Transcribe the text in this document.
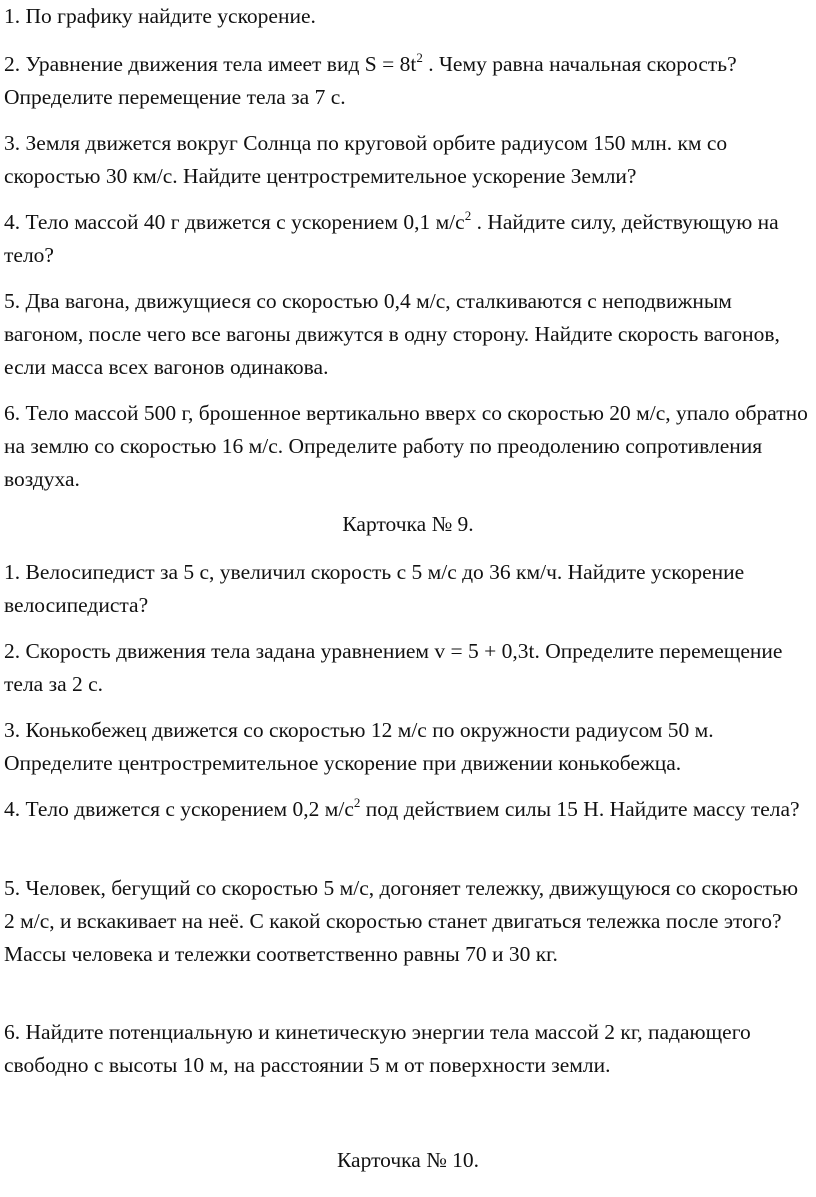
1. По графику найдите ускорение.

2. Уравнение движения тела имеет вид $S = 8t^2$ . Чему равна начальная скорость? Определите перемещение тела за 7 с.

3. Земля движется вокруг Солнца по круговой орбите радиусом 150 млн. км со скоростью 30 км/с. Найдите центростремительное ускорение Земли?

4. Тело массой 40 г движется с ускорением 0,1 $м/с^2$ . Найдите силу, действующую на тело?

5. Два вагона, движущиеся со скоростью 0,4 м/с, сталкиваются с неподвижным вагоном, после чего все вагоны движутся в одну сторону. Найдите скорость вагонов, если масса всех вагонов одинакова.

6. Тело массой 500 г, брошенное вертикально вверх со скоростью 20 м/с, упало обратно на землю со скоростью 16 м/с. Определите работу по преодолению сопротивления воздуха.

Карточка № 9.

1. Велосипедист за 5 с, увеличил скорость с 5 м/с до 36 км/ч. Найдите ускорение велосипедиста?

2. Скорость движения тела задана уравнением v = 5 + 0,3t. Определите перемещение тела за 2 с.

3. Конькобежец движется со скоростью 12 м/с по окружности радиусом 50 м. Определите центростремительное ускорение при движении конькобежца.

4. Тело движется с ускорением 0,2 $м/с^2$ под действием силы 15 Н. Найдите массу тела?

5. Человек, бегущий со скоростью 5 м/с, догоняет тележку, движущуюся со скоростью 2 м/с, и вскакивает на неё. С какой скоростью станет двигаться тележка после этого? Массы человека и тележки соответственно равны 70 и 30 кг.

6. Найдите потенциальную и кинетическую энергии тела массой 2 кг, падающего свободно с высоты 10 м, на расстоянии 5 м от поверхности земли.

Карточка № 10.
